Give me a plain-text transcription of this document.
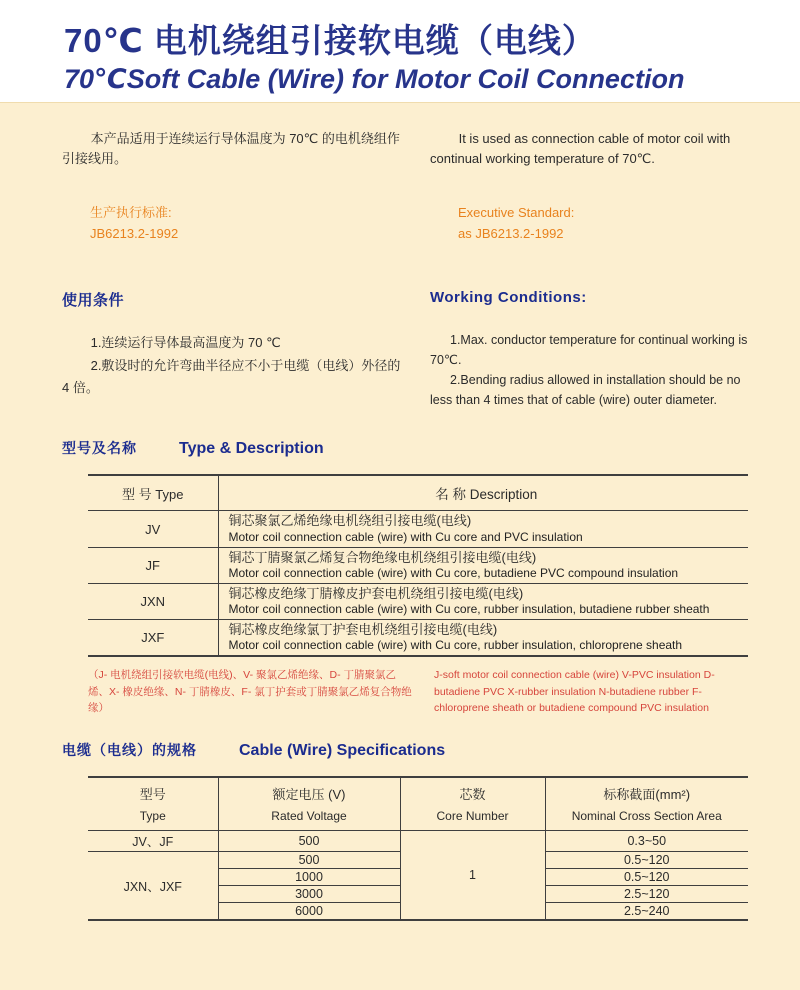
70℃ 电机绕组引接软电缆（电线）
70℃Soft Cable (Wire) for Motor Coil Connection

本产品适用于连续运行导体温度为 70℃ 的电机绕组作引接线用。

It is used as connection cable of motor coil with continual working temperature of 70℃.

生产执行标准:
JB6213.2-1992
Executive Standard:
as JB6213.2-1992
使用条件

1.连续运行导体最高温度为 70 ℃

2.敷设时的允许弯曲半径应不小于电缆（电线）外径的4 倍。

Working Conditions:

1.Max. conductor temperature for continual working is 70℃.

2.Bending radius allowed in installation should be no less than 4 times that of cable (wire) outer diameter.

型号及名称	Type & Description
型 号 Type	名 称 Description
JV	铜芯聚氯乙烯绝缘电机绕组引接电缆(电线)
Motor coil connection cable (wire) with Cu core and PVC insulation

JF	铜芯丁腈聚氯乙烯复合物绝缘电机绕组引接电缆(电线)
Motor coil connection cable (wire) with Cu core, butadiene PVC compound insulation

JXN	铜芯橡皮绝缘丁腈橡皮护套电机绕组引接电缆(电线)
Motor coil connection cable (wire) with Cu core, rubber insulation, butadiene rubber sheath

JXF	铜芯橡皮绝缘氯丁护套电机绕组引接电缆(电线)
Motor coil connection cable (wire) with Cu core, rubber insulation, chloroprene sheath
（J- 电机绕组引接软电缆(电线)、V- 聚氯乙烯绝缘、D- 丁腈聚氯乙烯、X- 橡皮绝缘、N- 丁腈橡皮、F- 氯丁护套或丁腈聚氯乙烯复合物绝缘）
J-soft motor coil connection cable (wire) V-PVC insulation D-butadiene PVC X-rubber insulation N-butadiene rubber F-chloroprene sheath or butadiene compound PVC insulation
电缆（电线）的规格	Cable (Wire) Specifications
型号
Type

额定电压 (V)
Rated Voltage

芯数
Core Number

标称截面(mm²)
Nominal Cross Section Area

JV、JF	500	1	0.3~50
JXN、JXF	500		0.5~120
	1000		0.5~120
	3000		2.5~120
	6000		2.5~240
